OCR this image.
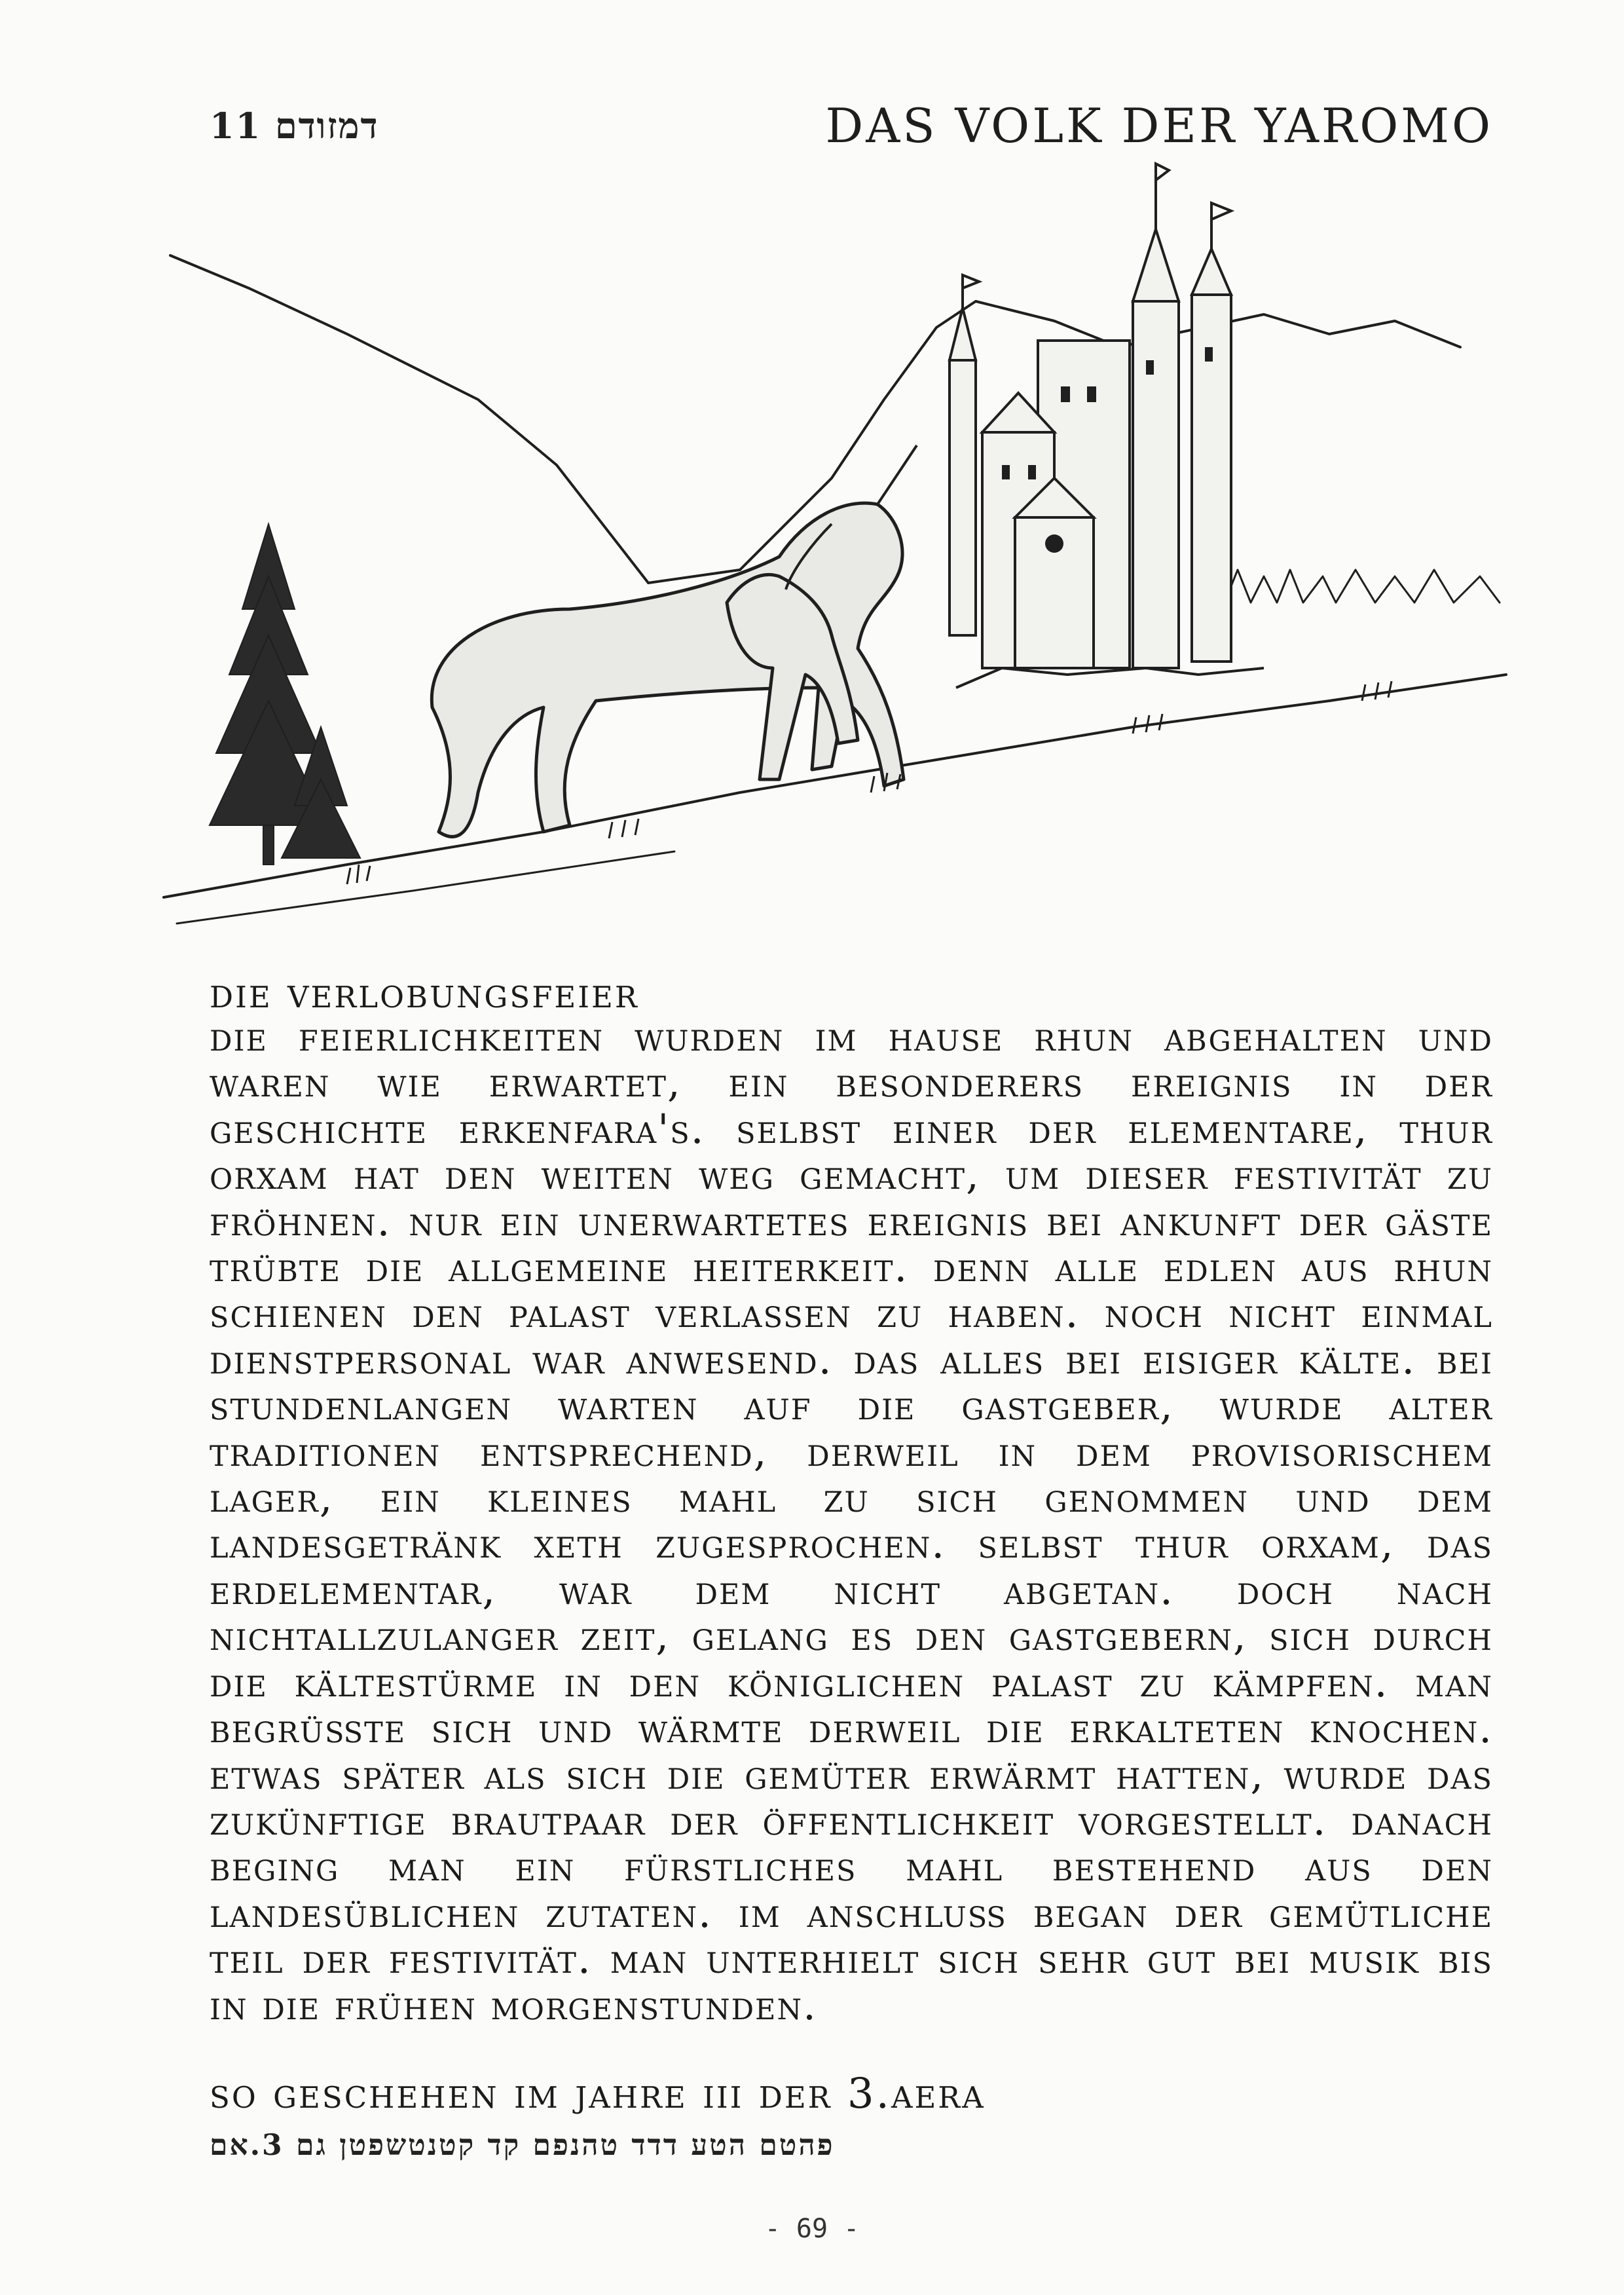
דמזודם 11	DAS VOLK DER YAROMO
die verlobungsfeier
die feierlichkeiten wurden im hause rhun abgehalten und waren wie erwartet, ein besonderers ereignis in der geschichte erkenfara's. selbst einer der elementare, thur orxam hat den weiten weg gemacht, um dieser festivität zu fröhnen. nur ein unerwartetes ereignis bei ankunft der gäste trübte die allgemeine heiterkeit. denn alle edlen aus rhun schienen den palast verlassen zu haben. noch nicht einmal dienstpersonal war anwesend. das alles bei eisiger kälte. bei stundenlangen warten auf die gastgeber, wurde alter traditionen entsprechend, derweil in dem provisorischem lager, ein kleines mahl zu sich genommen und dem landesgetränk xeth zugesprochen. selbst thur orxam, das erdelementar, war dem nicht abgetan. doch nach nichtallzulanger zeit, gelang es den gastgebern, sich durch die kältestürme in den königlichen palast zu kämpfen. man begrüßte sich und wärmte derweil die erkalteten knochen. etwas später als sich die gemüter erwärmt hatten, wurde das zukünftige brautpaar der öffentlichkeit vorgestellt. danach beging man ein fürstliches mahl bestehend aus den landesüblichen zutaten. im anschluß began der gemütliche teil der festivität. man unterhielt sich sehr gut bei musik bis in die frühen morgenstunden.
so geschehen im jahre iii der 3.aera
פהטם הטע דדד טהנפם קד קטנטשפטן גם 3.אם
- 69 -
